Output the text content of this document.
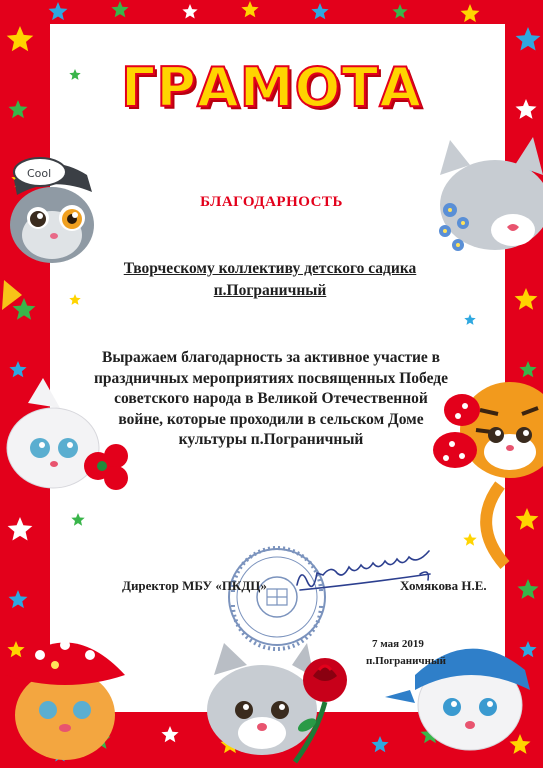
Cool
ГРАМОТА
БЛАГОДАРНОСТЬ
Творческому коллективу детского садика
п.Пограничный
Выражаем благодарность за активное участие в
праздничных мероприятиях посвященных Победе
советского народа в Великой Отечественной
войне, которые проходили в сельском Доме
культуры п.Пограничный
Директор МБУ «ПКДЦ»	Хомякова Н.Е.
7 мая 2019
п.Пограничный
